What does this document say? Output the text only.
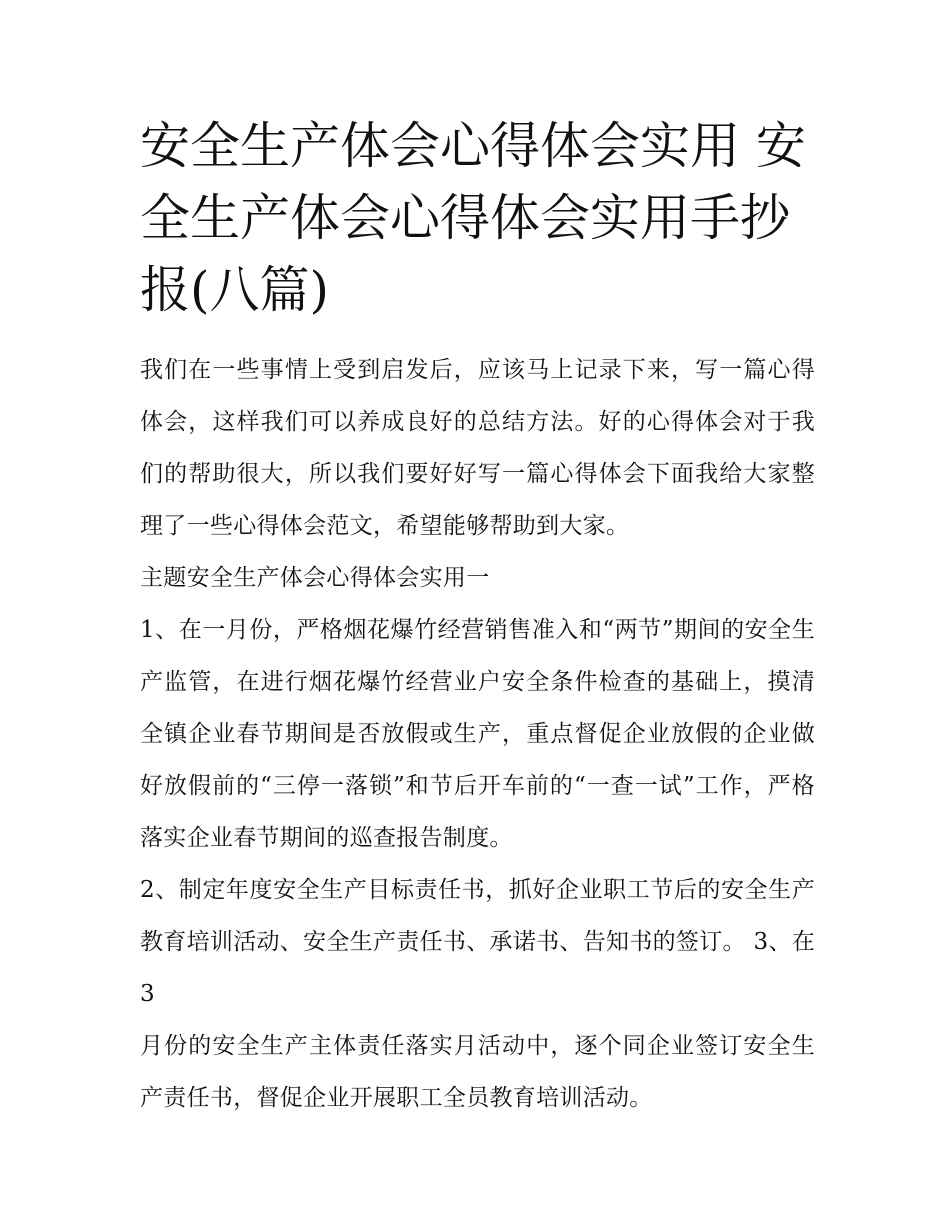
安全生产体会心得体会实用 安全生产体会心得体会实用手抄报(八篇)

我们在一些事情上受到启发后，应该马上记录下来，写一篇心得体会，这样我们可以养成良好的总结方法。好的心得体会对于我们的帮助很大，所以我们要好好写一篇心得体会下面我给大家整理了一些心得体会范文，希望能够帮助到大家。

主题安全生产体会心得体会实用一

1、在一月份，严格烟花爆竹经营销售准入和“两节”期间的安全生产监管，在进行烟花爆竹经营业户安全条件检查的基础上，摸清全镇企业春节期间是否放假或生产，重点督促企业放假的企业做好放假前的“三停一落锁”和节后开车前的“一查一试”工作，严格落实企业春节期间的巡查报告制度。

2、制定年度安全生产目标责任书，抓好企业职工节后的安全生产教育培训活动、安全生产责任书、承诺书、告知书的签订。 3、在3

月份的安全生产主体责任落实月活动中，逐个同企业签订安全生产责任书，督促企业开展职工全员教育培训活动。
